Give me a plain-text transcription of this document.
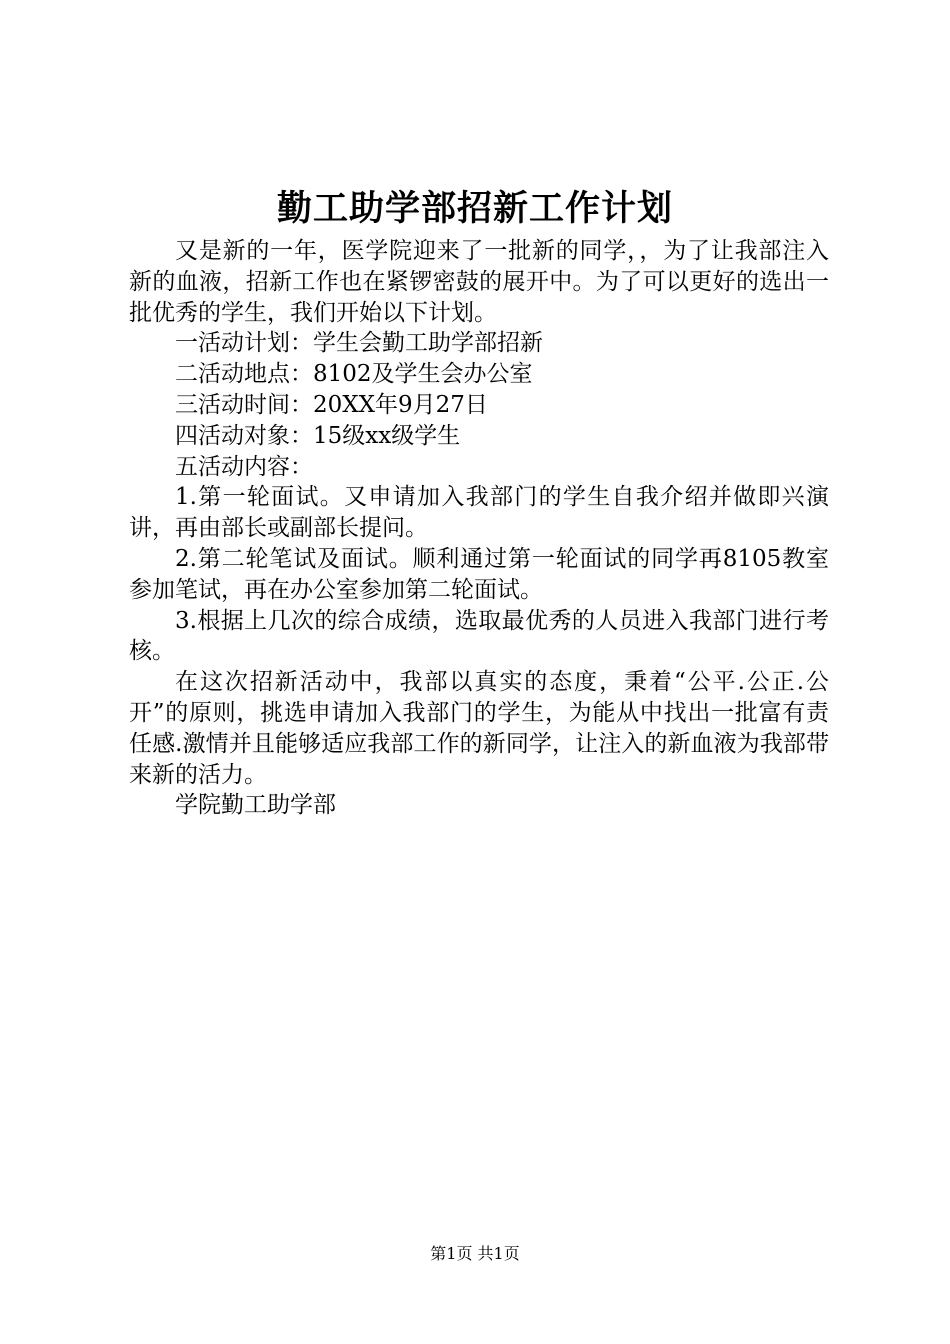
勤工助学部招新工作计划

又是新的一年，医学院迎来了一批新的同学，，为了让我部注入新的血液，招新工作也在紧锣密鼓的展开中。为了可以更好的选出一批优秀的学生，我们开始以下计划。

一活动计划：学生会勤工助学部招新

二活动地点：8102及学生会办公室

三活动时间：20XX年9月27日

四活动对象：15级xx级学生

五活动内容：

1.第一轮面试。又申请加入我部门的学生自我介绍并做即兴演讲，再由部长或副部长提问。

2.第二轮笔试及面试。顺利通过第一轮面试的同学再8105教室参加笔试，再在办公室参加第二轮面试。

3.根据上几次的综合成绩，选取最优秀的人员进入我部门进行考核。

在这次招新活动中，我部以真实的态度，秉着“公平.公正.公开”的原则，挑选申请加入我部门的学生，为能从中找出一批富有责任感.激情并且能够适应我部工作的新同学，让注入的新血液为我部带来新的活力。

学院勤工助学部

第1页 共1页
